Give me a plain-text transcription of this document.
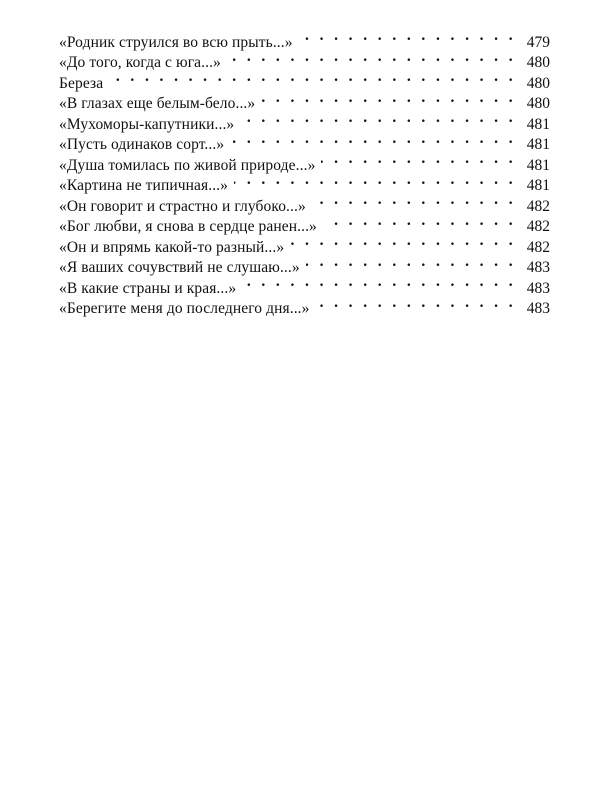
«Родник струился во всю прыть...» . . .	479
«До того, когда с юга...» . . .	480
Береза . . .	480
«В глазах еще белым-бело...» . . .	480
«Мухоморы-капутники...» . . .	481
«Пусть одинаков сорт...» . . .	481
«Душа томилась по живой природе...» . . .	481
«Картина не типичная...» . . .	481
«Он говорит и страстно и глубоко...» . . .	482
«Бог любви, я снова в сердце ранен...» . . .	482
«Он и впрямь какой-то разный...» . . .	482
«Я ваших сочувствий не слушаю...» . . .	483
«В какие страны и края...» . . .	483
«Берегите меня до последнего дня...» . . .	483
